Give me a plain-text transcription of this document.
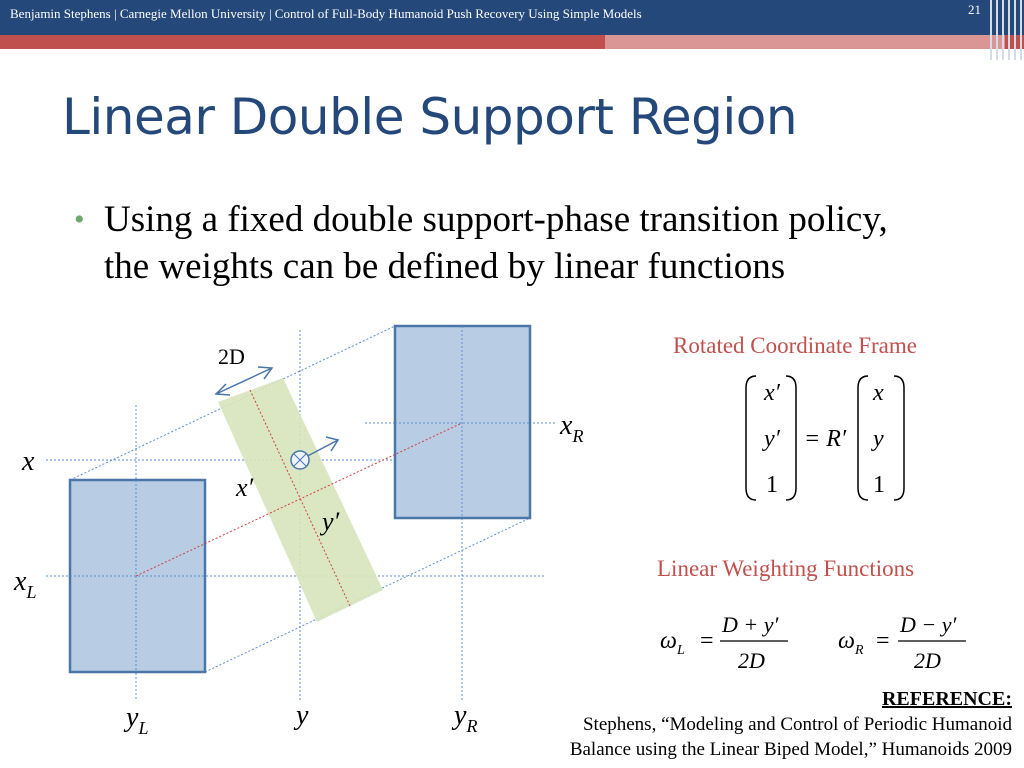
Benjamin Stephens | Carnegie Mellon University | Control of Full-Body Humanoid Push Recovery Using Simple Models	21
Linear Double Support Region
• Using a fixed double support-phase transition policy, the weights can be defined by linear functions
2D
x
$x_L$
$x_R$
$y_L$	$y_R$
y
x′
y′
Rotated Coordinate Frame
x′
y′
1
= R′
x
y
1
$\omega_L$ =
D + y′
2D
$\omega_R$ =
D − y′
2D
Linear Weighting Functions
REFERENCE:
Stephens, “Modeling and Control of Periodic Humanoid
Balance using the Linear Biped Model,” Humanoids 2009
